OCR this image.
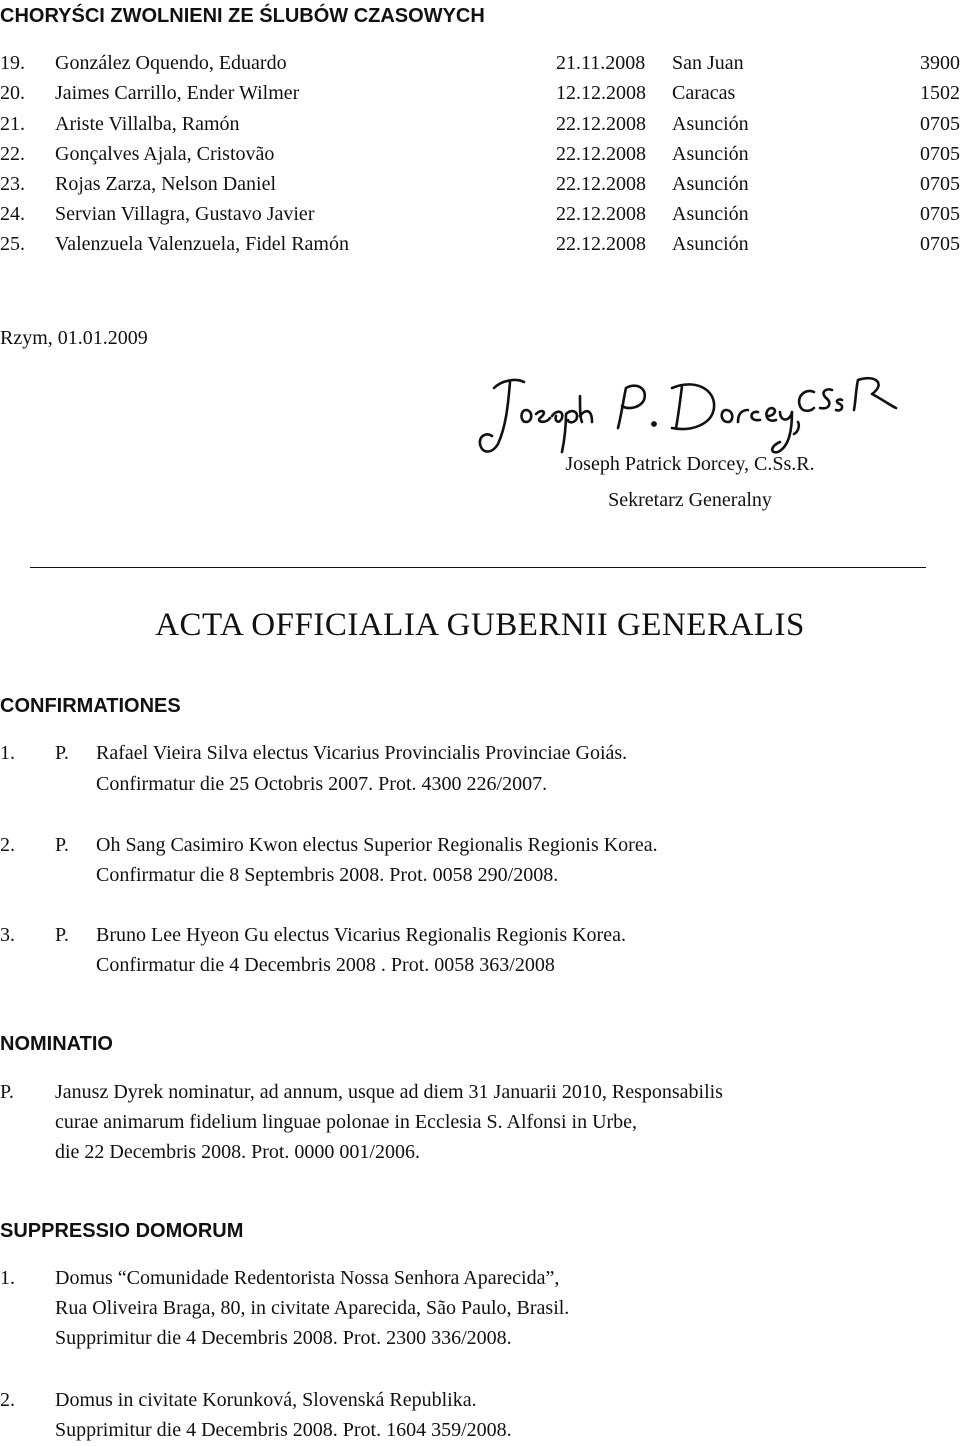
CHORYŚCI ZWOLNIENI ZE ŚLUBÓW CZASOWYCH
19. González Oquendo, Eduardo	21.11.2008 San Juan	3900
20. Jaimes Carrillo, Ender Wilmer	12.12.2008 Caracas	1502
21. Ariste Villalba, Ramón	22.12.2008 Asunción	0705
22. Gonçalves Ajala, Cristovão	22.12.2008 Asunción	0705
23. Rojas Zarza, Nelson Daniel	22.12.2008 Asunción	0705
24. Servian Villagra, Gustavo Javier	22.12.2008 Asunción	0705
25. Valenzuela Valenzuela, Fidel Ramón	22.12.2008 Asunción	0705
Rzym, 01.01.2009
Joseph Patrick Dorcey, C.Ss.R.
Sekretarz Generalny
ACTA OFFICIALIA GUBERNII GENERALIS
CONFIRMATIONES
1. P. Rafael Vieira Silva electus Vicarius Provincialis Provinciae Goiás.
Confirmatur die 25 Octobris 2007. Prot. 4300 226/2007.
2. P. Oh Sang Casimiro Kwon electus Superior Regionalis Regionis Korea.
Confirmatur die 8 Septembris 2008. Prot. 0058 290/2008.
3. P. Bruno Lee Hyeon Gu electus Vicarius Regionalis Regionis Korea.
Confirmatur die 4 Decembris 2008 . Prot. 0058 363/2008
NOMINATIO
P. Janusz Dyrek nominatur, ad annum, usque ad diem 31 Januarii 2010, Responsabilis
curae animarum fidelium linguae polonae in Ecclesia S. Alfonsi in Urbe,
die 22 Decembris 2008. Prot. 0000 001/2006.
SUPPRESSIO DOMORUM
1. Domus “Comunidade Redentorista Nossa Senhora Aparecida”,
Rua Oliveira Braga, 80, in civitate Aparecida, São Paulo, Brasil.
Supprimitur die 4 Decembris 2008. Prot. 2300 336/2008.
2. Domus in civitate Korunková, Slovenská Republika.
Supprimitur die 4 Decembris 2008. Prot. 1604 359/2008.
